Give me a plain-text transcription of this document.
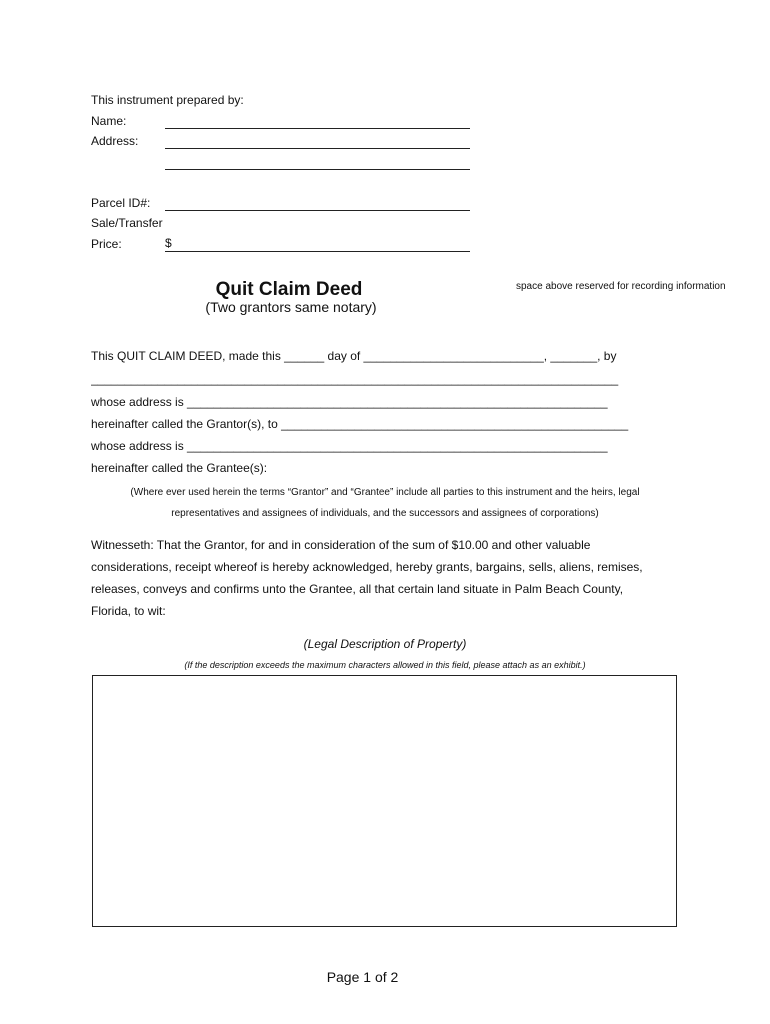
This instrument prepared by:
Name:
Address:
Parcel ID#:
Sale/Transfer
Price:	$
Quit Claim Deed
(Two grantors same notary)
space above reserved for recording information
This QUIT CLAIM DEED, made this ______ day of ___________________________, _______, by
_______________________________________________________________________________
whose address is _______________________________________________________________
hereinafter called the Grantor(s), to ____________________________________________________
whose address is _______________________________________________________________
hereinafter called the Grantee(s):
(Where ever used herein the terms “Grantor” and “Grantee” include all parties to this instrument and the heirs, legal
representatives and assignees of individuals, and the successors and assignees of corporations)
Witnesseth: That the Grantor, for and in consideration of the sum of $10.00 and other valuable
considerations, receipt whereof is hereby acknowledged, hereby grants, bargains, sells, aliens, remises,
releases, conveys and confirms unto the Grantee, all that certain land situate in Palm Beach County,
Florida, to wit:
(Legal Description of Property)
(If the description exceeds the maximum characters allowed in this field, please attach as an exhibit.)
Page 1 of 2
